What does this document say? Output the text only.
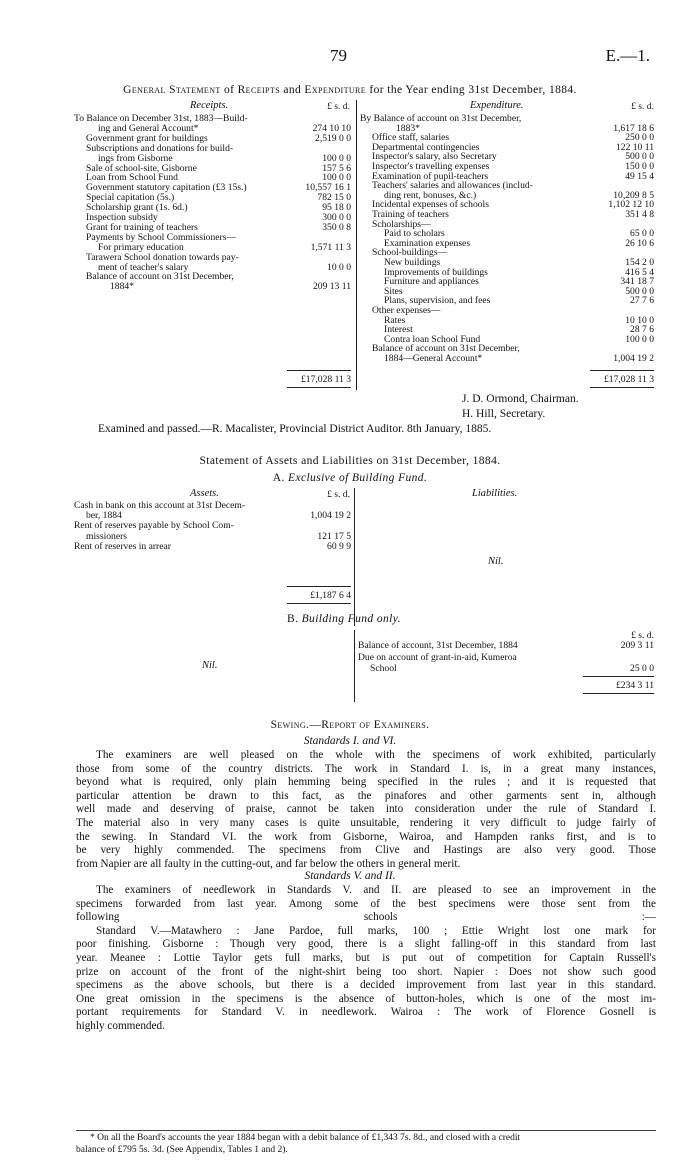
79	E.—1.
General Statement of Receipts and Expenditure for the Year ending 31st December, 1884.
Receipts.	£ s. d.	Expenditure.	£ s. d.
To Balance on December 31st, 1883—Build-
ing and General Account*	274 10 10
Government grant for buildings	2,519 0 0
Subscriptions and donations for build-
ings from Gisborne	100 0 0
Sale of school-site, Gisborne	157 5 6
Loan from School Fund	100 0 0
Government statutory capitation (£3 15s.)	10,557 16 1
Special capitation (5s.)	782 15 0
Scholarship grant (1s. 6d.)	95 18 0
Inspection subsidy	300 0 0
Grant for training of teachers	350 0 8
Payments by School Commissioners—
For primary education	1,571 11 3
Tarawera School donation towards pay-
ment of teacher's salary	10 0 0
Balance of account on 31st December,
1884*	209 13 11
By Balance of account on 31st December,
1883*	1,617 18 6
Office staff, salaries	250 0 0
Departmental contingencies	122 10 11
Inspector's salary, also Secretary	500 0 0
Inspector's travelling expenses	150 0 0
Examination of pupil-teachers	49 15 4
Teachers' salaries and allowances (includ-
ding rent, bonuses, &c.)	10,209 8 5
Incidental expenses of schools	1,102 12 10
Training of teachers	351 4 8
Scholarships—
Paid to scholars	65 0 0
Examination expenses	26 10 6
School-buildings—
New buildings	154 2 0
Improvements of buildings	416 5 4
Furniture and appliances	341 18 7
Sites	500 0 0
Plans, supervision, and fees	27 7 6
Other expenses—
Rates	10 10 0
Interest	28 7 6
Contra loan School Fund	100 0 0
Balance of account on 31st December,
1884—General Account*	1,004 19 2
£17,028 11 3	£17,028 11 3
J. D. Ormond, Chairman.
H. Hill, Secretary.
Examined and passed.—R. Macalister, Provincial District Auditor. 8th January, 1885.
Statement of Assets and Liabilities on 31st December, 1884.
A. Exclusive of Building Fund.
Assets.	£ s. d.	Liabilities.
Cash in bank on this account at 31st Decem-
ber, 1884	1,004 19 2
Rent of reserves payable by School Com-
missioners	121 17 5
Rent of reserves in arrear	60 9 9
Nil.
£1,187 6 4
B. Building Fund only.
£ s. d.
Balance of account, 31st December, 1884	209 3 11
Due on account of grant-in-aid, Kumeroa
School	25 0 0
Nil.
£234 3 11
Sewing.—Report of Examiners.
Standards I. and VI.
The examiners are well pleased on the whole with the specimens of work exhibited, particularly
those from some of the country districts. The work in Standard I. is, in a great many instances,
beyond what is required, only plain hemming being specified in the rules ; and it is requested that
particular attention be drawn to this fact, as the pinafores and other garments sent in, although
well made and deserving of praise, cannot be taken into consideration under the rule of Standard I.
The material also in very many cases is quite unsuitable, rendering it very difficult to judge fairly of
the sewing. In Standard VI. the work from Gisborne, Wairoa, and Hampden ranks first, and is to
be very highly commended. The specimens from Clive and Hastings are also very good. Those
from Napier are all faulty in the cutting-out, and far below the others in general merit.
Standards V. and II.
The examiners of needlework in Standards V. and II. are pleased to see an improvement in the
specimens forwarded from last year. Among some of the best specimens were those sent from the
following schools :—
Standard V.—Matawhero : Jane Pardoe, full marks, 100 ; Ettie Wright lost one mark for
poor finishing. Gisborne : Though very good, there is a slight falling-off in this standard from last
year. Meanee : Lottie Taylor gets full marks, but is put out of competition for Captain Russell's
prize on account of the front of the night-shirt being too short. Napier : Does not show such good
specimens as the above schools, but there is a decided improvement from last year in this standard.
One great omission in the specimens is the absence of button-holes, which is one of the most im-
portant requirements for Standard V. in needlework. Wairoa : The work of Florence Gosnell is
highly commended.
* On all the Board's accounts the year 1884 began with a debit balance of £1,343 7s. 8d., and closed with a credit
balance of £795 5s. 3d. (See Appendix, Tables 1 and 2).
